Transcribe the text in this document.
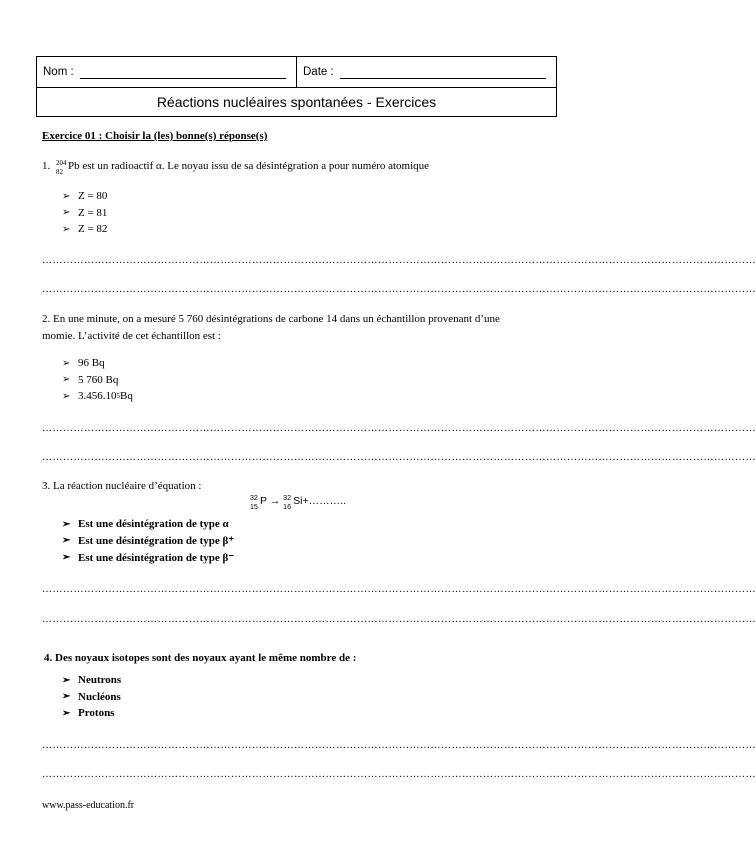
Nom :	Date :
Réactions nucléaires spontanées - Exercices
Exercice 01 : Choisir la (les) bonne(s) réponse(s)
1. 204
82
Pb est un radioactif α. Le noyau issu de sa désintégration a pour numéro atomique
➢ Z = 80
➢ Z = 81
➢ Z = 82
……………………………………………………………………………………………………………………………………………………………………………………
……………………………………………………………………………………………………………………………………………………………………………………
2. En une minute, on a mesuré 5 760 désintégrations de carbone 14 dans un échantillon provenant d’une
momie. L’activité de cet échantillon est :
➢ 96 Bq
➢ 5 760 Bq
➢ 3.456.10 5 Bq
……………………………………………………………………………………………………………………………………………………………………………………
……………………………………………………………………………………………………………………………………………………………………………………
3. La réaction nucléaire d’équation :
32
15
P → 32
16
Si+………..
➢ Est une désintégration de type α
➢ Est une désintégration de type β⁺
➢ Est une désintégration de type β⁻
……………………………………………………………………………………………………………………………………………………………………………………
……………………………………………………………………………………………………………………………………………………………………………………
4. Des noyaux isotopes sont des noyaux ayant le même nombre de :
➢ Neutrons
➢ Nucléons
➢ Protons
……………………………………………………………………………………………………………………………………………………………………………………
……………………………………………………………………………………………………………………………………………………………………………………
www.pass-education.fr
